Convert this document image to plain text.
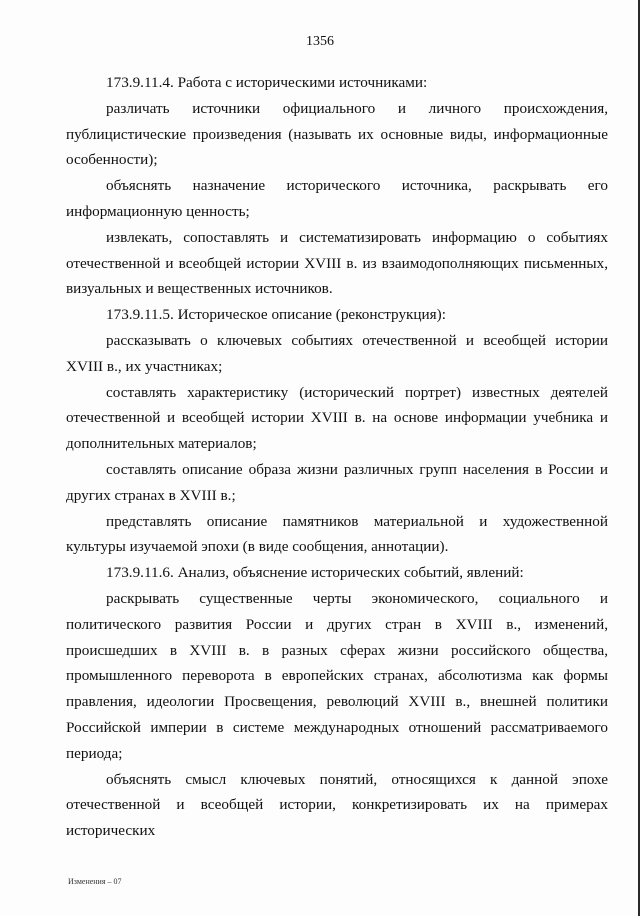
1356

173.9.11.4. Работа с историческими источниками:

различать источники официального и личного происхождения, публицистические произведения (называть их основные виды, информационные особенности);

объяснять назначение исторического источника, раскрывать его информационную ценность;

извлекать, сопоставлять и систематизировать информацию о событиях отечественной и всеобщей истории XVIII в. из взаимодополняющих письменных, визуальных и вещественных источников.

173.9.11.5. Историческое описание (реконструкция):

рассказывать о ключевых событиях отечественной и всеобщей истории XVIII в., их участниках;

составлять характеристику (исторический портрет) известных деятелей отечественной и всеобщей истории XVIII в. на основе информации учебника и дополнительных материалов;

составлять описание образа жизни различных групп населения в России и других странах в XVIII в.;

представлять описание памятников материальной и художественной культуры изучаемой эпохи (в виде сообщения, аннотации).

173.9.11.6. Анализ, объяснение исторических событий, явлений:

раскрывать существенные черты экономического, социального и политического развития России и других стран в XVIII в., изменений, происшедших в XVIII в. в разных сферах жизни российского общества, промышленного переворота в европейских странах, абсолютизма как формы правления, идеологии Просвещения, революций XVIII в., внешней политики Российской империи в системе международных отношений рассматриваемого периода;

объяснять смысл ключевых понятий, относящихся к данной эпохе отечественной и всеобщей истории, конкретизировать их на примерах исторических

Изменения – 07
